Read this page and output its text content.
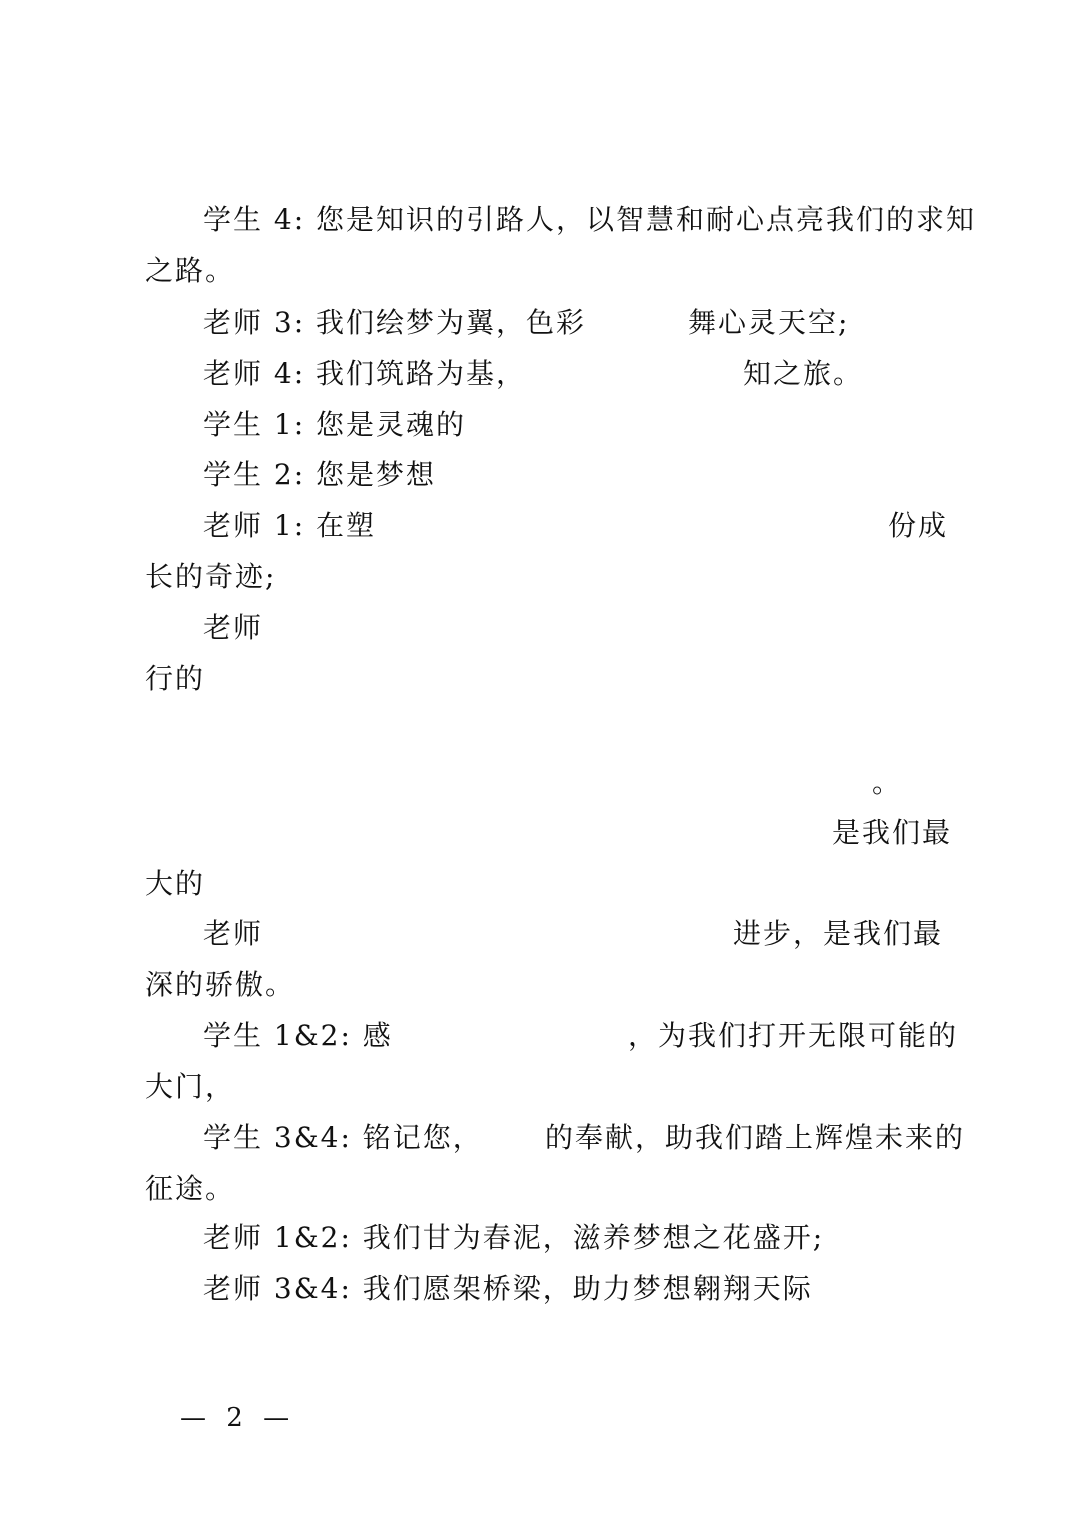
学生 4: 您是知识的引路人，以智慧和耐心点亮我们的求知
之路。
老师 3: 我们绘梦为翼，色彩	舞心灵天空;
老师 4: 我们筑路为基，	知之旅。
学生 1: 您是灵魂的
学生 2: 您是梦想
老师 1: 在塑	份成
长的奇迹;
老师
行的
。
是我们最
大的
老师	进步，是我们最
深的骄傲。
学生 1&2: 感	，为我们打开无限可能的
大门，
学生 3&4: 铭记您， 的奉献，助我们踏上辉煌未来的
征途。
老师 1&2: 我们甘为春泥，滋养梦想之花盛开;
老师 3&4: 我们愿架桥梁，助力梦想翱翔天际
— 2 —
